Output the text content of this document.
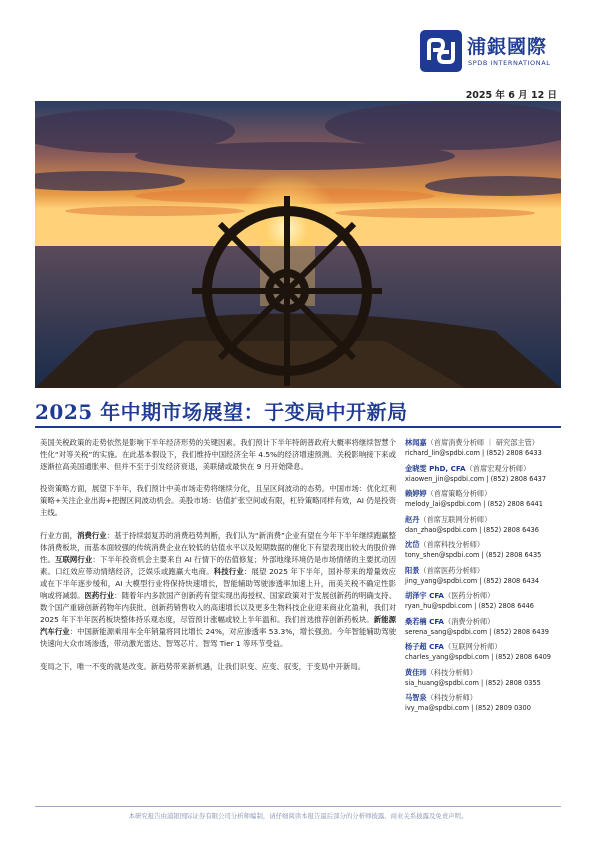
浦銀國際
SPDB INTERNATIONAL
2025 年 6 月 12 日
2025 年中期市场展望：于变局中开新局

美国关税政策的走势依然是影响下半年经济形势的关键因素。我们预计下半年特朗普政府大概率将继续智慧个性化“对等关税”的实施。在此基本假设下，我们维持中国经济全年 4.5%的经济增速预测。关税影响接下来或逐渐拉高美国通胀率、但并不至于引发经济衰退，美联储或最快在 9 月开始降息。

投资策略方面，展望下半年，我们预计中美市场走势将继续分化，且呈区间波动的态势。中国市场：优化红利策略+关注企业出海+把握区间波动机会。美股市场：估值扩张空间或有限，杠铃策略同样有效，AI 仍是投资主线。

行业方面，消费行业：基于持续弱复苏的消费趋势判断，我们认为“新消费”企业有望在今年下半年继续跑赢整体消费板块，而基本面较强的传统消费企业在较低的估值水平以及短期数据的催化下有望表现出较大的股价弹性。互联网行业：下半年投资机会主要来自 AI 行情下的估值修复；外部地缘环境仍是市场情绪的主要扰动因素。口红效应带动情绪经济，泛娱乐或跑赢大电商。科技行业：展望 2025 年下半年，国补带来的增量效应或在下半年逐步缓和，AI 大模型行业将保持快速增长，智能辅助驾驶渗透率加速上升，而美关税不确定性影响或将减弱。医药行业：随着年内多款国产创新药有望实现出海授权、国家政策对于发展创新药的明确支持、数个国产重磅创新药物年内获批、创新药销售收入的高速增长以及更多生物科技企业迎来商业化盈利，我们对 2025 年下半年医药板块整体持乐观态度，尽管预计涨幅或较上半年温和。我们首选推荐创新药板块。新能源汽车行业：中国新能源乘用车全年销量将同比增长 24%，对应渗透率 53.3%，增长强劲。今年智能辅助驾驶快速向大众市场渗透，带动激光雷达、智驾芯片、智驾 Tier 1 等环节受益。

变局之下，唯一不变的就是改变。新趋势带来新机遇，让我们识变、应变、驭变，于变局中开新局。

林闻嘉（首席消费分析师 ｜ 研究部主管）
richard_lin@spdbi.com | (852) 2808 6433
金晓雯 PhD, CFA（首席宏观分析师）
xiaowen_jin@spdbi.com | (852) 2808 6437
赖婷婷（首席策略分析师）
melody_lai@spdbi.com | (852) 2808 6441
赵丹（首席互联网分析师）
dan_zhao@spdbi.com | (852) 2808 6436
沈岱（首席科技分析师）
tony_shen@spdbi.com | (852) 2808 6435
阳景（首席医药分析师）
jing_yang@spdbi.com | (852) 2808 6434
胡泽宇 CFA（医药分析师）
ryan_hu@spdbi.com | (852) 2808 6446
桑若楠 CFA（消费分析师）
serena_sang@spdbi.com | (852) 2808 6439
杨子超 CFA（互联网分析师）
charles_yang@spdbi.com | (852) 2808 6409
黄佳玮（科技分析师）
sia_huang@spdbi.com | (852) 2808 0355
马智泉（科技分析师）
ivy_ma@spdbi.com | (852) 2809 0300
本研究报告由浦银国际证券有限公司分析师编制，请仔细阅读本报告最后部分的分析师披露、商业关系披露及免责声明。
